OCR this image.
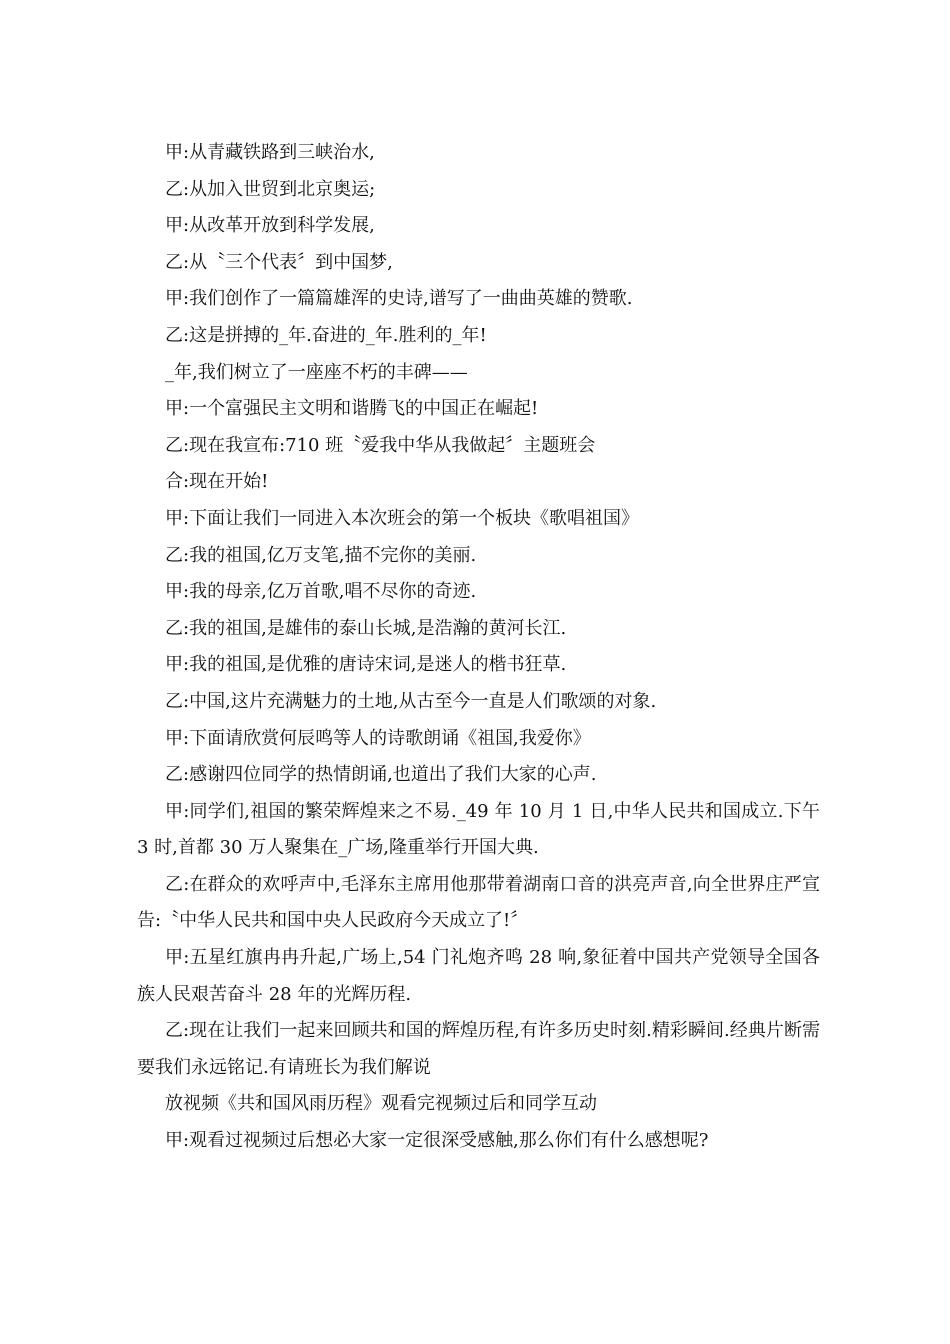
甲:从青藏铁路到三峡治水,

乙:从加入世贸到北京奥运;

甲:从改革开放到科学发展,

乙:从〝三个代表〞到中国梦,

甲:我们创作了一篇篇雄浑的史诗,谱写了一曲曲英雄的赞歌.

乙:这是拼搏的_年.奋进的_年.胜利的_年!

_年,我们树立了一座座不朽的丰碑——

甲:一个富强民主文明和谐腾飞的中国正在崛起!

乙:现在我宣布:710 班〝爱我中华从我做起〞主题班会

合:现在开始!

甲:下面让我们一同进入本次班会的第一个板块《歌唱祖国》

乙:我的祖国,亿万支笔,描不完你的美丽.

甲:我的母亲,亿万首歌,唱不尽你的奇迹.

乙:我的祖国,是雄伟的泰山长城,是浩瀚的黄河长江.

甲:我的祖国,是优雅的唐诗宋词,是迷人的楷书狂草.

乙:中国,这片充满魅力的土地,从古至今一直是人们歌颂的对象.

甲:下面请欣赏何辰鸣等人的诗歌朗诵《祖国,我爱你》

乙:感谢四位同学的热情朗诵,也道出了我们大家的心声.

甲:同学们,祖国的繁荣辉煌来之不易._49 年 10 月 1 日,中华人民共和国成立.下午 3 时,首都 30 万人聚集在_广场,隆重举行开国大典.

乙:在群众的欢呼声中,毛泽东主席用他那带着湖南口音的洪亮声音,向全世界庄严宣告:〝中华人民共和国中央人民政府今天成立了!〞

甲:五星红旗冉冉升起,广场上,54 门礼炮齐鸣 28 响,象征着中国共产党领导全国各族人民艰苦奋斗 28 年的光辉历程.

乙:现在让我们一起来回顾共和国的辉煌历程,有许多历史时刻.精彩瞬间.经典片断需要我们永远铭记.有请班长为我们解说

放视频《共和国风雨历程》观看完视频过后和同学互动

甲:观看过视频过后想必大家一定很深受感触,那么你们有什么感想呢?
